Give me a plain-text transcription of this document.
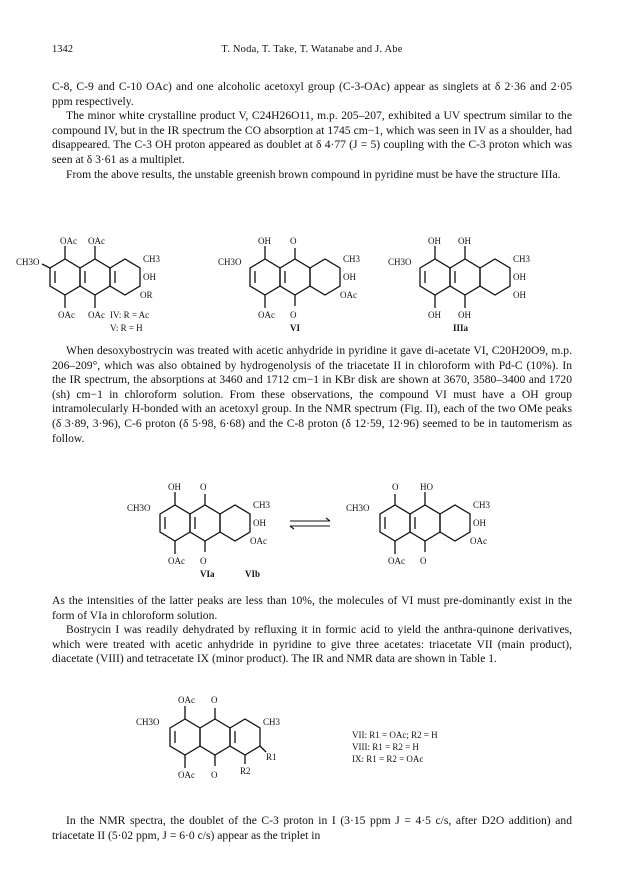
1342	T. Noda, T. Take, T. Watanabe and J. Abe

C-8, C-9 and C-10 OAc) and one alcoholic acetoxyl group (C-3-OAc) appear as singlets at δ 2·36 and 2·05 ppm respectively.

The minor white crystalline product V, C24H26O11, m.p. 205–207, exhibited a UV spectrum similar to the compound IV, but in the IR spectrum the CO absorption at 1745 cm−1, which was seen in IV as a shoulder, had disappeared. The C-3 OH proton appeared as doublet at δ 4·77 (J = 5) coupling with the C-3 proton which was seen at δ 3·61 as a multiplet.

From the above results, the unstable greenish brown compound in pyridine must be have the structure IIIa.

OAc OAc
CH3O	CH3
OH
OR
OAc OAc IV: R = Ac
V: R = H
OH O
CH3O	CH3
OH
OAc
OAc O
VI
OH OH
CH3O	CH3
OH
OH
OH OH
IIIa

When desoxybostrycin was treated with acetic anhydride in pyridine it gave di-acetate VI, C20H20O9, m.p. 206–209°, which was also obtained by hydrogenolysis of the triacetate II in chloroform with Pd-C (10%). In the IR spectrum, the absorptions at 3460 and 1712 cm−1 in KBr disk are shown at 3670, 3580–3400 and 1720 (sh) cm−1 in chloroform solution. From these observations, the compound VI must have a OH group intramolecularly H-bonded with an acetoxyl group. In the NMR spectrum (Fig. II), each of the two OMe peaks (δ 3·89, 3·96), C-6 proton (δ 5·98, 6·68) and the C-8 proton (δ 12·59, 12·96) seemed to be in tautomerism as follow.

OH O
CH3O	CH3
OH
OAc
OAc O
VIa
O HO
CH3O	CH3
OH
OAc
OAc O
VIb

As the intensities of the latter peaks are less than 10%, the molecules of VI must pre-dominantly exist in the form of VIa in chloroform solution.

Bostrycin I was readily dehydrated by refluxing it in formic acid to yield the anthra-quinone derivatives, which were treated with acetic anhydride in pyridine to give three acetates: triacetate VII (main product), diacetate (VIII) and tetracetate IX (minor product). The IR and NMR data are shown in Table 1.

OAc O
CH3O	CH3
R1
OAc O	R2
VII: R1 = OAc; R2 = H
VIII: R1 = R2 = H
IX: R1 = R2 = OAc

In the NMR spectra, the doublet of the C-3 proton in I (3·15 ppm J = 4·5 c/s, after D2O addition) and triacetate II (5·02 ppm, J = 6·0 c/s) appear as the triplet in
